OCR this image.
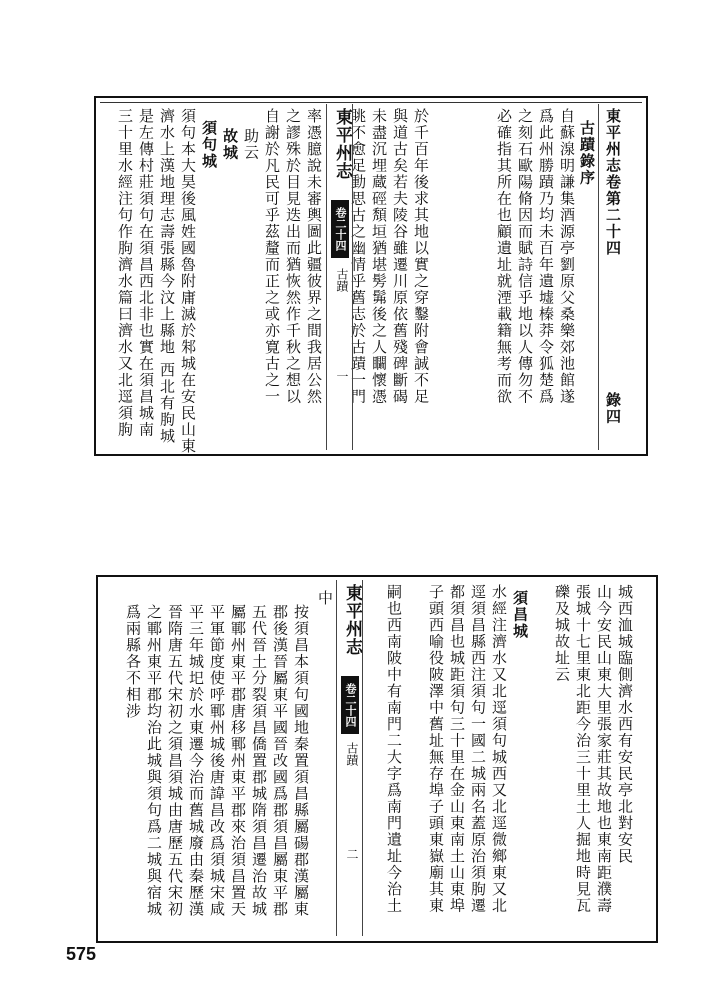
東平州志卷第二十四
錄四
古蹟錄序
自蘇湶明謙集酒源亭劉原父桑樂郊池館遂
爲此州勝蹟乃均未百年遺墟榛莽令狐楚爲
之刻石歐陽脩因而賦詩信乎地以人傳勿不
必確指其所在也顧遺址就湮載籍無考而欲
於千百年後求其地以實之穿鑿附會誠不足
與道古矣若夫陵谷雖遷川原依舊殘碑斷碣
未盡沉埋蔵硜頽垣猶堪髣髴後之人矙懷憑
眺不愈足動思古之幽情乎舊志於古蹟一門
東平州志
卷二十四
古蹟
一
率憑臆說未審輿圖此疆彼界之間我居公然
之謬殊於目見迭出而猶恢然作千秋之想以
自謝於凡民可乎茲釐而正之或亦寛古之一
助云
故城
須句城
須句本大昊後風姓國魯附庸滅於邾城在安民山東
濟水上漢地理志壽張縣今汶上縣地 西北有朐城
是左傳村莊須句在須昌西北非也實在須昌城南
三十里水經注句作朐濟水篇曰濟水又北逕須朐
城西洫城臨側濟水西有安民亭北對安民
山今安民山東大里張家莊其故地也東南距濮壽
張城十七里東北距今治三十里土人掘地時見瓦
礫及城故址云
須昌城
水經注濟水又北逕須句城西又北逕微鄉東又北
逕須昌縣西注須句一國二城兩名蓋原治須朐遷
都須昌也城距須句三十里在金山東南土山東埠
子頭西喻役陂澤中舊址無存埠子頭東嶽廟其東
嗣也西南陂中有南門二大字爲南門遺址今治土
東平州志
卷二十四
古蹟
二
中
按須昌本須句國地秦置須昌縣屬碭郡漢屬東
郡後漢晉屬東平國晉改國爲郡須昌屬東平郡
五代晉土分裂須昌僑置郡城隋須昌遷治故城
屬鄆州東平郡唐移鄆州東平郡來治須昌置天
平軍節度使呼鄆州城後唐諱昌改爲須城宋咸
平三年城圯於水東遷今治而舊城廢由秦歷漢
晉隋唐五代宋初之須昌須城由唐歷五代宋初
之鄆州東平郡均治此城與須句爲二城與宿城
爲兩縣各不相涉
575
